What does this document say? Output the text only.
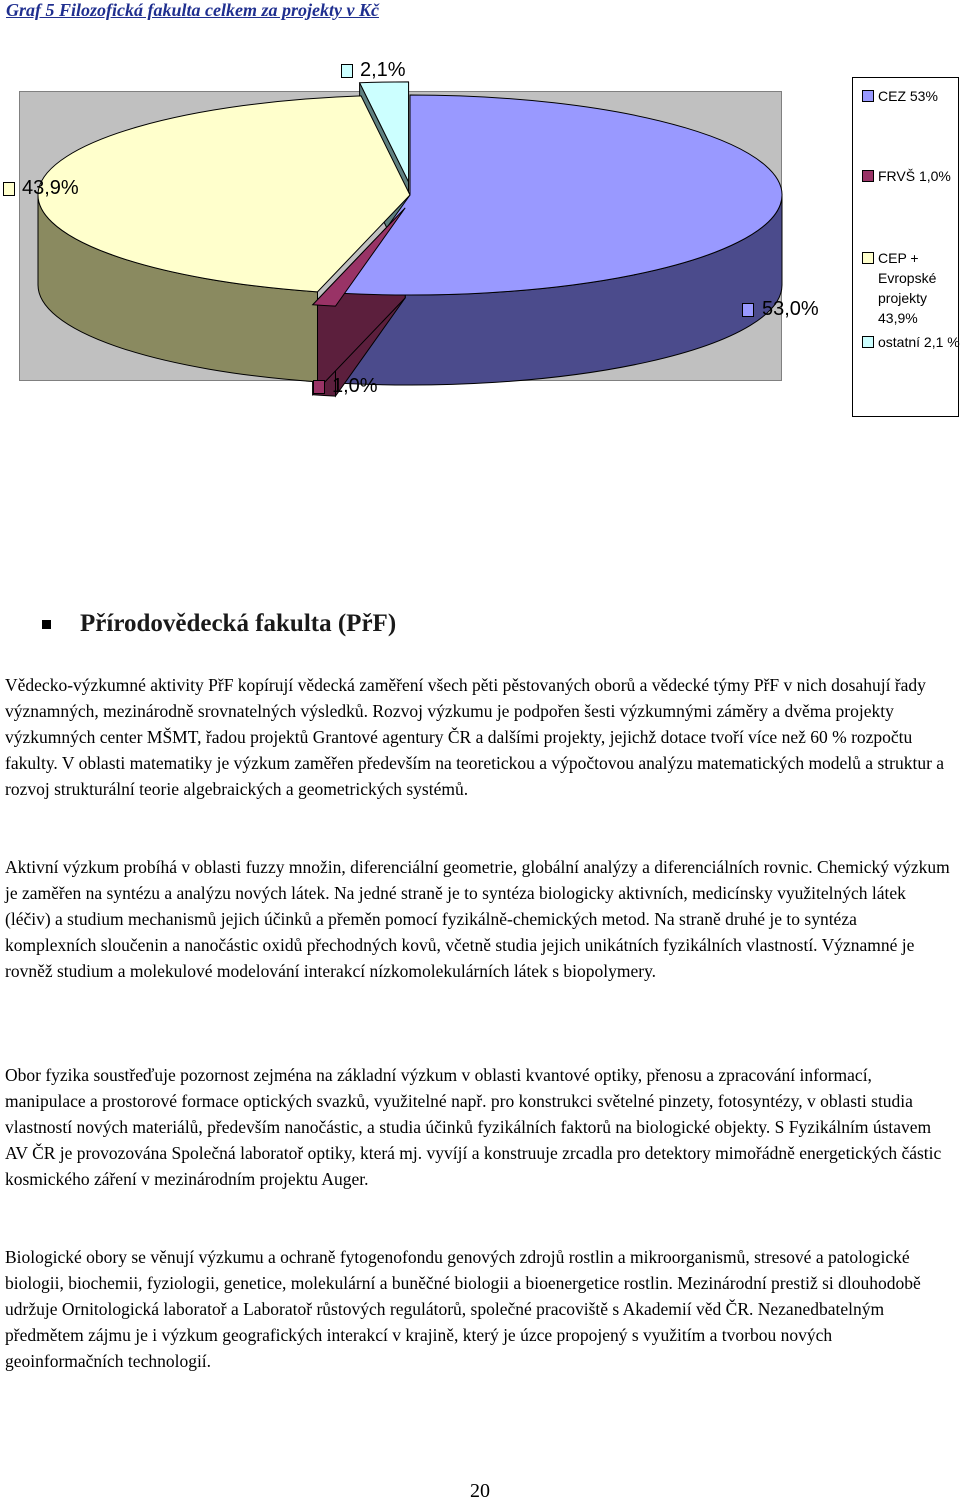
Graf 5 Filozofická fakulta celkem za projekty v Kč
2,1%
43,9%
53,0%
1,0%
CEZ 53%
FRVŠ 1,0%
CEP + Evropské projekty 43,9%
ostatní 2,1 %
Přírodovědecká fakulta (PřF)

Vědecko-výzkumné aktivity PřF kopírují vědecká zaměření všech pěti pěstovaných oborů a vědecké týmy PřF v nich dosahují řady významných, mezinárodně srovnatelných výsledků. Rozvoj výzkumu je podpořen šesti výzkumnými záměry a dvěma projekty výzkumných center MŠMT, řadou projektů Grantové agentury ČR a dalšími projekty, jejichž dotace tvoří více než 60 % rozpočtu fakulty. V oblasti matematiky je výzkum zaměřen především na teoretickou a výpočtovou analýzu matematických modelů a struktur a rozvoj strukturální teorie algebraických a geometrických systémů.

Aktivní výzkum probíhá v oblasti fuzzy množin, diferenciální geometrie, globální analýzy a diferenciálních rovnic. Chemický výzkum je zaměřen na syntézu a analýzu nových látek. Na jedné straně je to syntéza biologicky aktivních, medicínsky využitelných látek (léčiv) a studium mechanismů jejich účinků a přeměn pomocí fyzikálně-chemických metod. Na straně druhé je to syntéza komplexních sloučenin a nanočástic oxidů přechodných kovů, včetně studia jejich unikátních fyzikálních vlastností. Významné je rovněž studium a molekulové modelování interakcí nízkomolekulárních látek s biopolymery.

Obor fyzika soustřeďuje pozornost zejména na základní výzkum v oblasti kvantové optiky, přenosu a zpracování informací, manipulace a prostorové formace optických svazků, využitelné např. pro konstrukci světelné pinzety, fotosyntézy, v oblasti studia vlastností nových materiálů, především nanočástic, a studia účinků fyzikálních faktorů na biologické objekty. S Fyzikálním ústavem AV ČR je provozována Společná laboratoř optiky, která mj. vyvíjí a konstruuje zrcadla pro detektory mimořádně energetických částic kosmického záření v mezinárodním projektu Auger.

Biologické obory se věnují výzkumu a ochraně fytogenofondu genových zdrojů rostlin a mikroorganismů, stresové a patologické biologii, biochemii, fyziologii, genetice, molekulární a buněčné biologii a bioenergetice rostlin. Mezinárodní prestiž si dlouhodobě udržuje Ornitologická laboratoř a Laboratoř růstových regulátorů, společné pracoviště s Akademií věd ČR. Nezanedbatelným předmětem zájmu je i výzkum geografických interakcí v krajině, který je úzce propojený s využitím a tvorbou nových geoinformačních technologií.

20
